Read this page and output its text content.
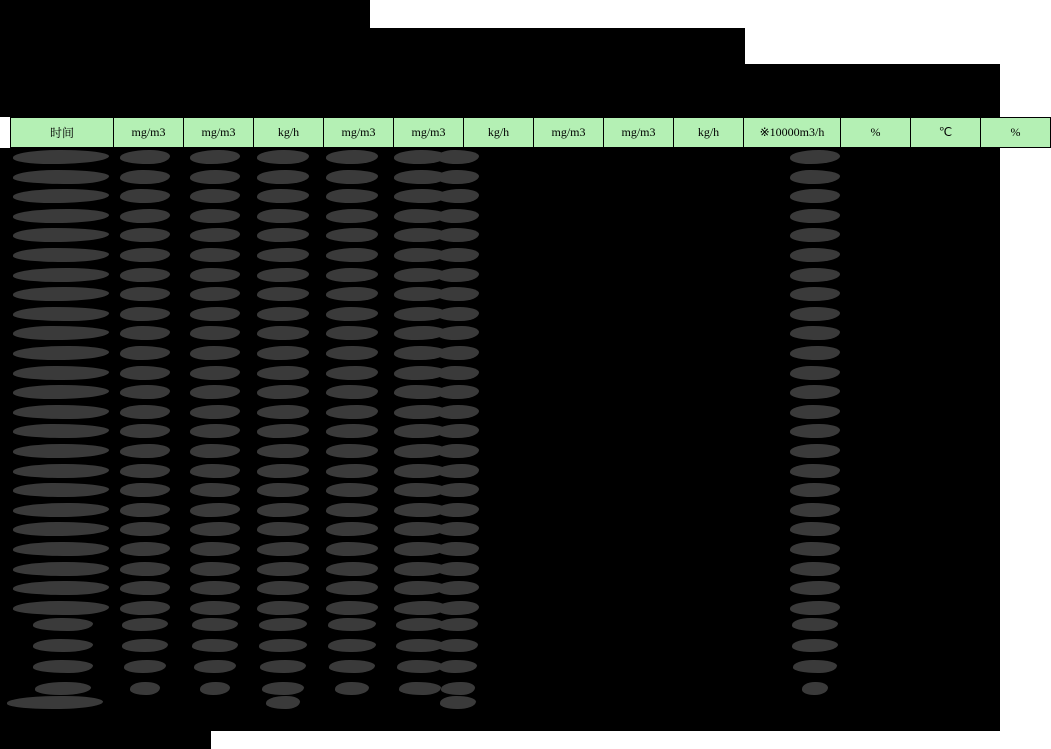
时间	mg/m3	mg/m3	kg/h	mg/m3	mg/m3	kg/h	mg/m3	mg/m3	kg/h	※10000m3/h	%	℃	%
